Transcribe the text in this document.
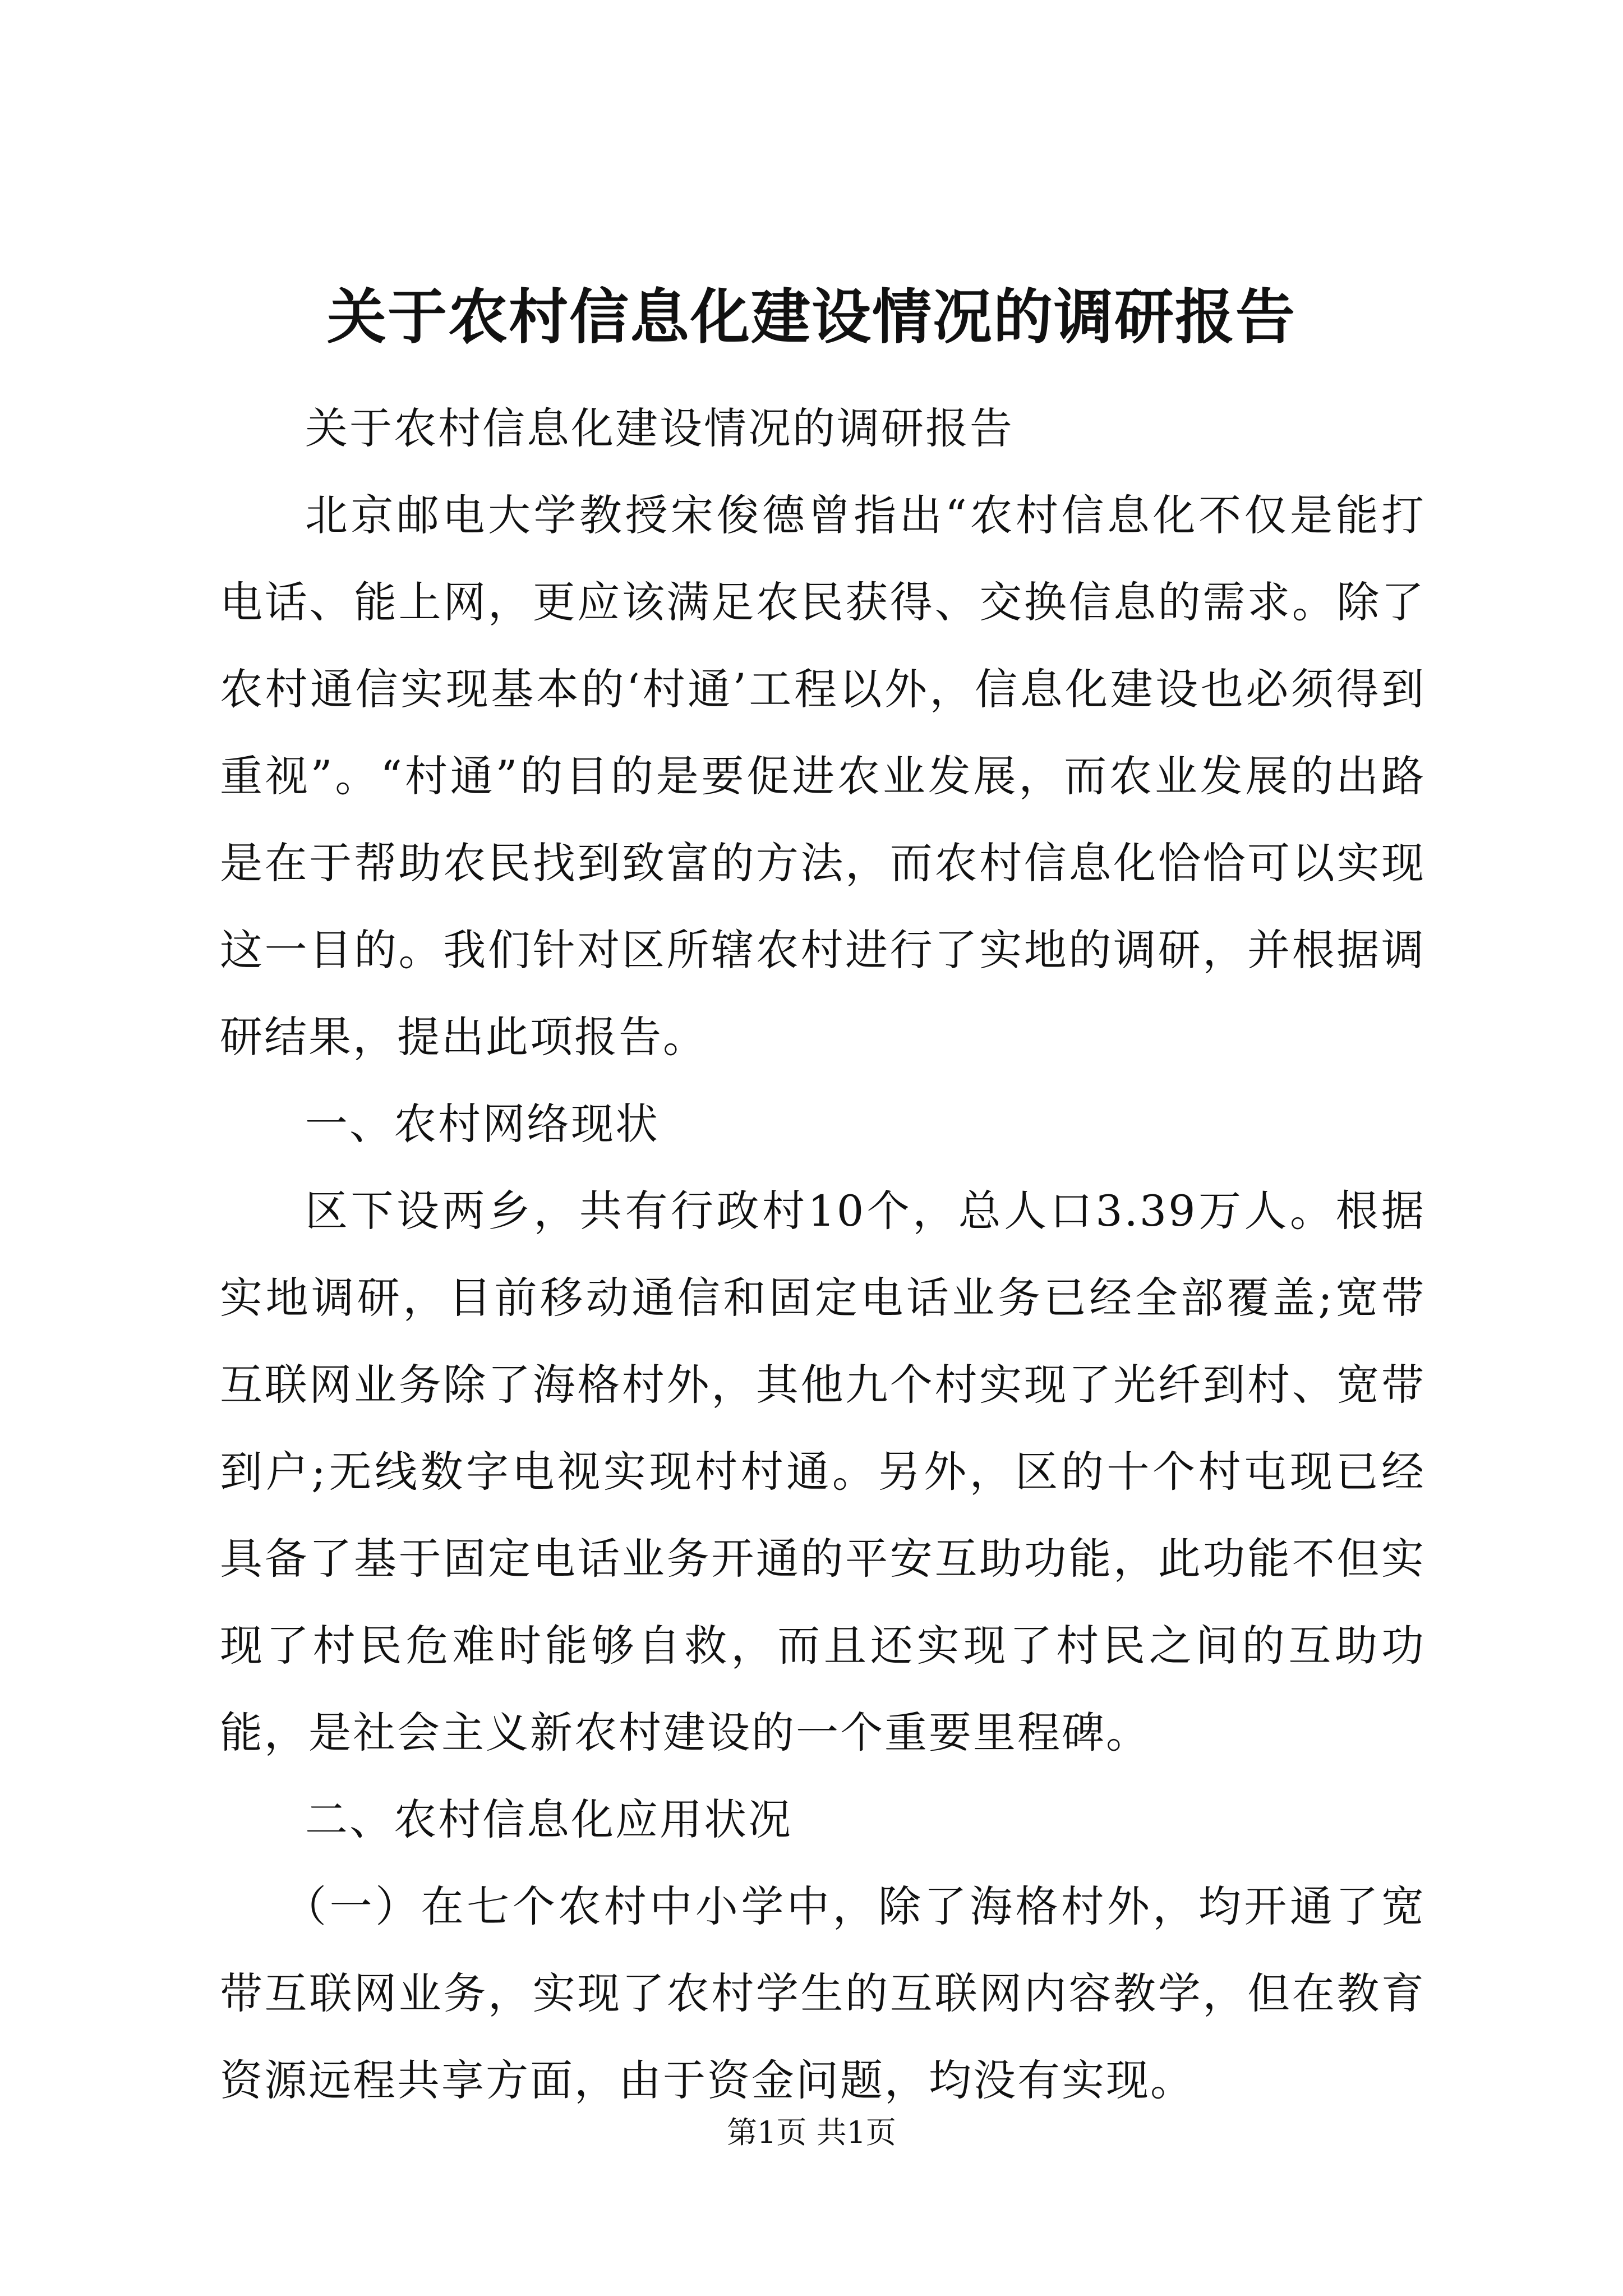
关于农村信息化建设情况的调研报告

关于农村信息化建设情况的调研报告

北京邮电大学教授宋俊德曾指出“农村信息化不仅是能打电话、能上网，更应该满足农民获得、交换信息的需求。除了农村通信实现基本的‘村通’工程以外，信息化建设也必须得到重视”。“村通”的目的是要促进农业发展，而农业发展的出路是在于帮助农民找到致富的方法，而农村信息化恰恰可以实现这一目的。我们针对区所辖农村进行了实地的调研，并根据调研结果，提出此项报告。

一、农村网络现状

区下设两乡，共有行政村10个，总人口3.39万人。根据实地调研，目前移动通信和固定电话业务已经全部覆盖;宽带互联网业务除了海格村外，其他九个村实现了光纤到村、宽带到户;无线数字电视实现村村通。另外，区的十个村屯现已经具备了基于固定电话业务开通的平安互助功能，此功能不但实现了村民危难时能够自救，而且还实现了村民之间的互助功能，是社会主义新农村建设的一个重要里程碑。

二、农村信息化应用状况

（一）在七个农村中小学中，除了海格村外，均开通了宽带互联网业务，实现了农村学生的互联网内容教学，但在教育资源远程共享方面，由于资金问题，均没有实现。

第1页 共1页
